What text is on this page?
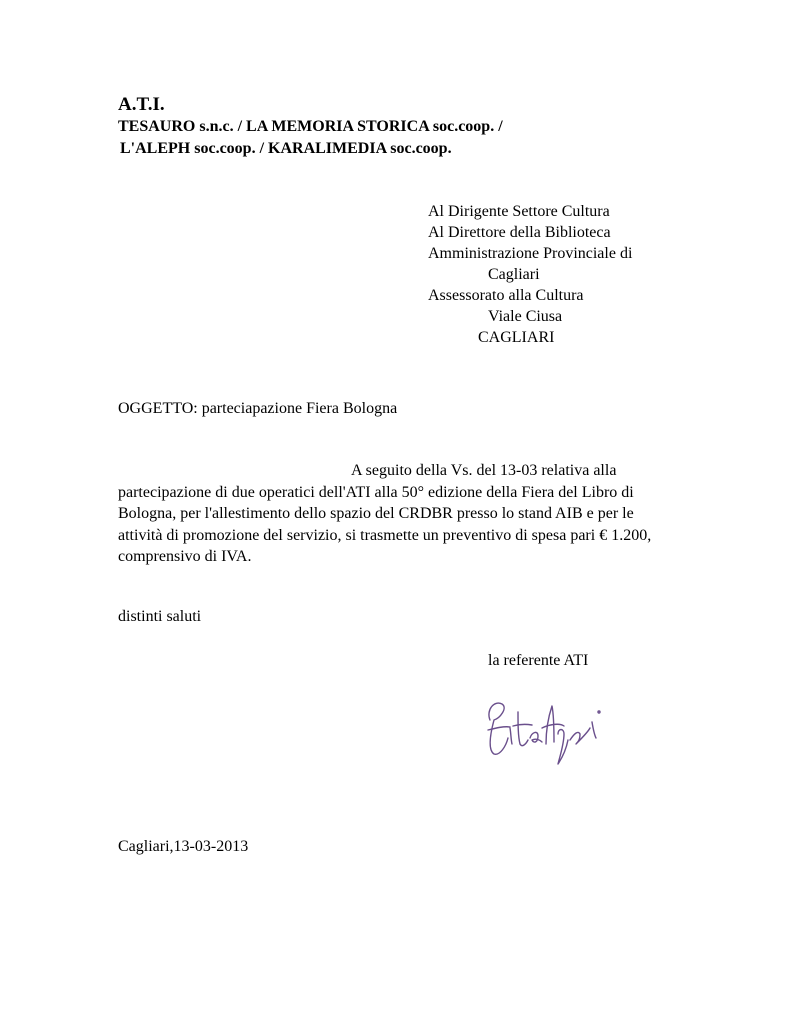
A.T.I.
TESAURO s.n.c. / LA MEMORIA STORICA soc.coop. /
L'ALEPH soc.coop. / KARALIMEDIA soc.coop.
Al Dirigente Settore Cultura
Al Direttore della Biblioteca
Amministrazione Provinciale di
Cagliari
Assessorato alla Cultura
Viale Ciusa
CAGLIARI
OGGETTO: parteciapazione Fiera Bologna
A seguito della Vs. del 13-03 relativa alla partecipazione di due operatici dell'ATI alla 50° edizione della Fiera del Libro di Bologna, per l'allestimento dello spazio del CRDBR presso lo stand AIB e per le attività di promozione del servizio, si trasmette un preventivo di spesa pari € 1.200, comprensivo di IVA.
distinti saluti
la referente ATI
Cagliari,13-03-2013
